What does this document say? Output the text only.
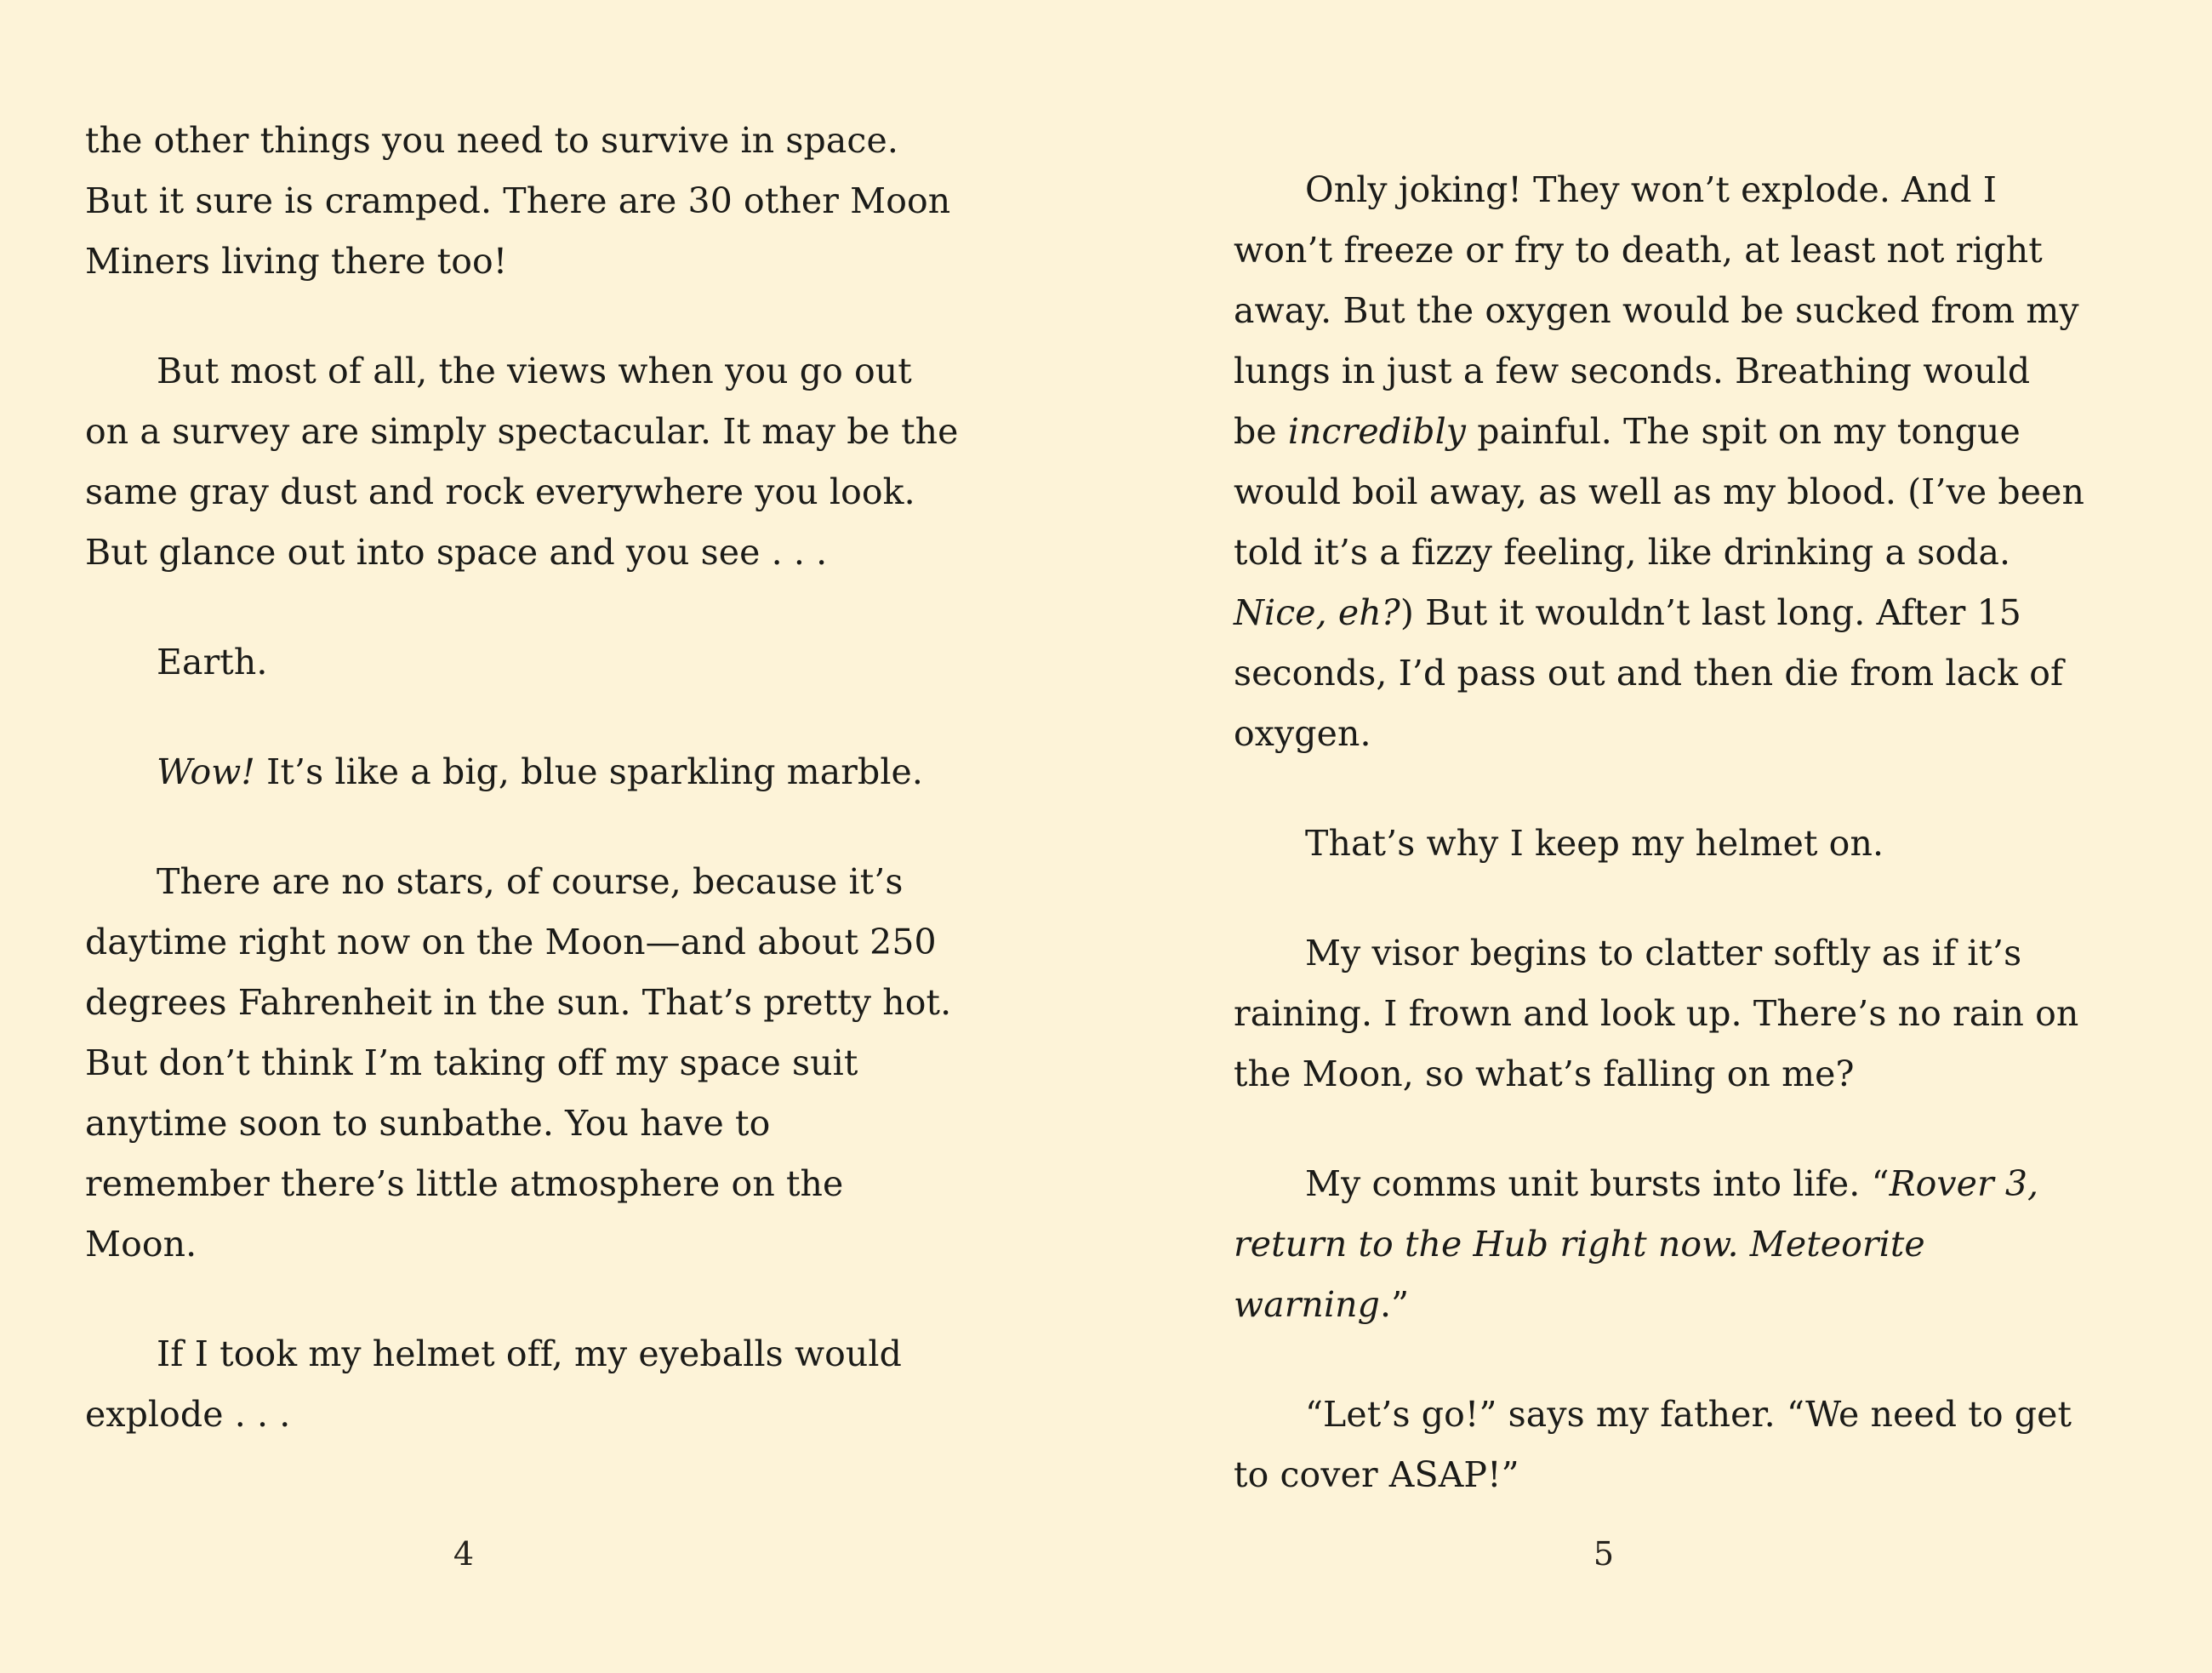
the other things you need to survive in space. But it sure is cramped. There are 30 other Moon Miners living there too!

But most of all, the views when you go out on a survey are simply spectacular. It may be the same gray dust and rock everywhere you look. But glance out into space and you see . . .

Earth.

Wow! It’s like a big, blue sparkling marble.

There are no stars, of course, because it’s daytime right now on the Moon—and about 250 degrees Fahrenheit in the sun. That’s pretty hot. But don’t think I’m taking off my space suit anytime soon to sunbathe. You have to remember there’s little atmosphere on the Moon.

If I took my helmet off, my eyeballs would explode . . .

4

Only joking! They won’t explode. And I won’t freeze or fry to death, at least not right away. But the oxygen would be sucked from my lungs in just a few seconds. Breathing would be incredibly painful. The spit on my tongue would boil away, as well as my blood. (I’ve been told it’s a fizzy feeling, like drinking a soda. Nice, eh?) But it wouldn’t last long. After 15 seconds, I’d pass out and then die from lack of oxygen.

That’s why I keep my helmet on.

My visor begins to clatter softly as if it’s raining. I frown and look up. There’s no rain on the Moon, so what’s falling on me?

My comms unit bursts into life. “Rover 3, return to the Hub right now. Meteorite warning.”

“Let’s go!” says my father. “We need to get to cover ASAP!”

5
